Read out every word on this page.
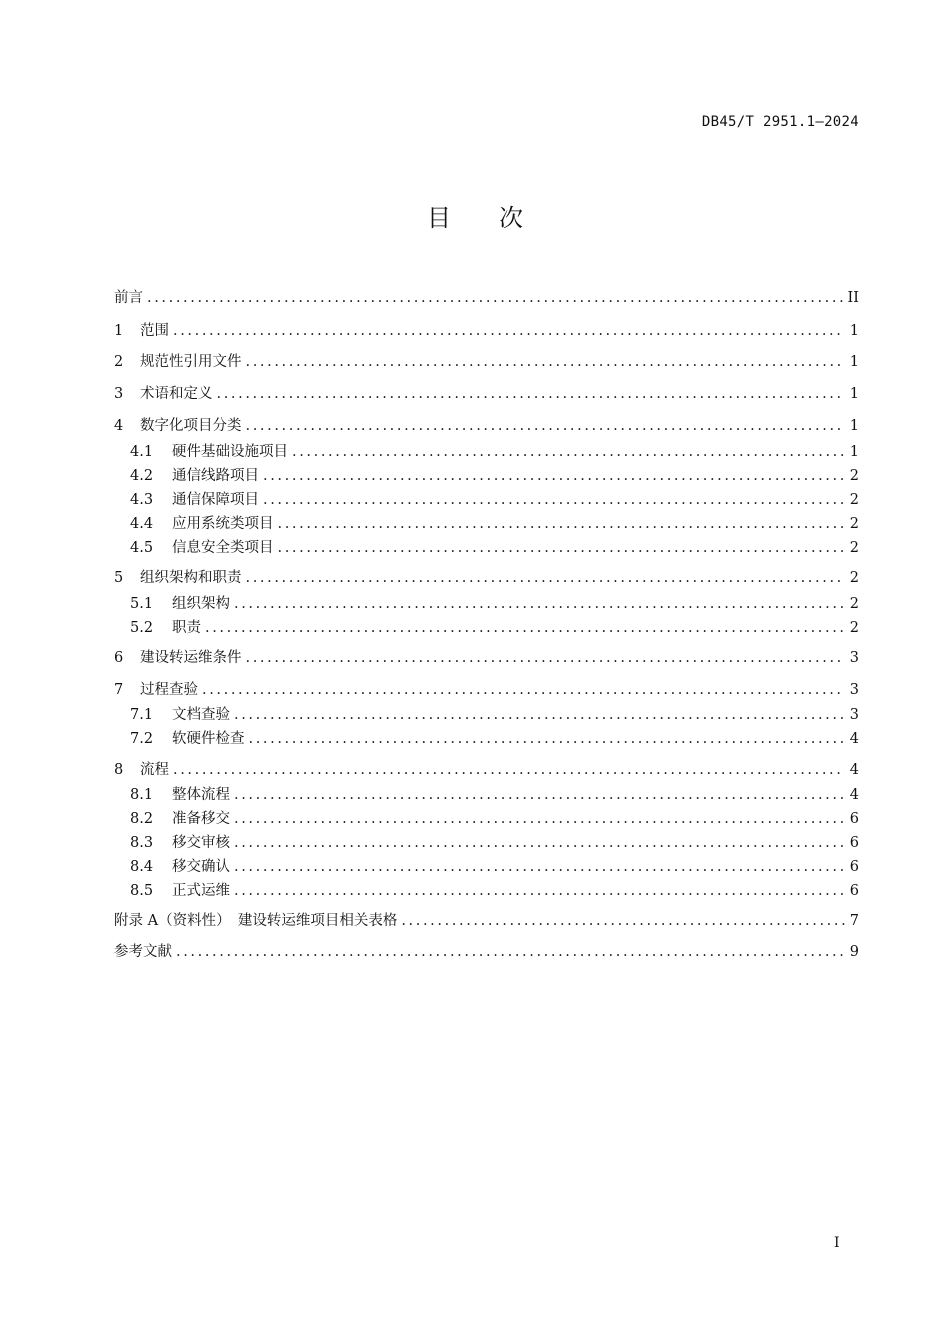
DB45/T 2951.1—2024
目　　次
前言 .....	II
1	范围 .....	1
2	规范性引用文件 .....	1
3	术语和定义 .....	1
4	数字化项目分类 .....	1
4.1	硬件基础设施项目 .....	1
4.2	通信线路项目 .....	2
4.3	通信保障项目 .....	2
4.4	应用系统类项目 .....	2
4.5	信息安全类项目 .....	2
5	组织架构和职责 .....	2
5.1	组织架构 .....	2
5.2	职责 .....	2
6	建设转运维条件 .....	3
7	过程查验 .....	3
7.1	文档查验 .....	3
7.2	软硬件检查 .....	4
8	流程 .....	4
8.1	整体流程 .....	4
8.2	准备移交 .....	6
8.3	移交审核 .....	6
8.4	移交确认 .....	6
8.5	正式运维 .....	6
附录 A（资料性）　建设转运维项目相关表格 .....	7
参考文献 .....	9
I
